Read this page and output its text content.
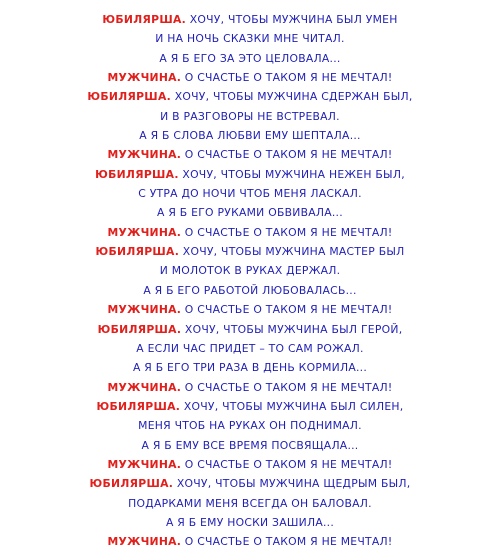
ЮБИЛЯРША. ХОЧУ, ЧТОБЫ МУЖЧИНА БЫЛ УМЕН
И НА НОЧЬ СКАЗКИ МНЕ ЧИТАЛ.
А Я Б ЕГО ЗА ЭТО ЦЕЛОВАЛА...
МУЖЧИНА. О СЧАСТЬЕ О ТАКОМ Я НЕ МЕЧТАЛ!
ЮБИЛЯРША. ХОЧУ, ЧТОБЫ МУЖЧИНА СДЕРЖАН БЫЛ,
И В РАЗГОВОРЫ НЕ ВСТРЕВАЛ.
А Я Б СЛОВА ЛЮБВИ ЕМУ ШЕПТАЛА...
МУЖЧИНА. О СЧАСТЬЕ О ТАКОМ Я НЕ МЕЧТАЛ!
ЮБИЛЯРША. ХОЧУ, ЧТОБЫ МУЖЧИНА НЕЖЕН БЫЛ,
С УТРА ДО НОЧИ ЧТОБ МЕНЯ ЛАСКАЛ.
А Я Б ЕГО РУКАМИ ОБВИВАЛА...
МУЖЧИНА. О СЧАСТЬЕ О ТАКОМ Я НЕ МЕЧТАЛ!
ЮБИЛЯРША. ХОЧУ, ЧТОБЫ МУЖЧИНА МАСТЕР БЫЛ
И МОЛОТОК В РУКАХ ДЕРЖАЛ.
А Я Б ЕГО РАБОТОЙ ЛЮБОВАЛАСЬ...
МУЖЧИНА. О СЧАСТЬЕ О ТАКОМ Я НЕ МЕЧТАЛ!
ЮБИЛЯРША. ХОЧУ, ЧТОБЫ МУЖЧИНА БЫЛ ГЕРОЙ,
А ЕСЛИ ЧАС ПРИДЕТ – ТО САМ РОЖАЛ.
А Я Б ЕГО ТРИ РАЗА В ДЕНЬ КОРМИЛА...
МУЖЧИНА. О СЧАСТЬЕ О ТАКОМ Я НЕ МЕЧТАЛ!
ЮБИЛЯРША. ХОЧУ, ЧТОБЫ МУЖЧИНА БЫЛ СИЛЕН,
МЕНЯ ЧТОБ НА РУКАХ ОН ПОДНИМАЛ.
А Я Б ЕМУ ВСЕ ВРЕМЯ ПОСВЯЩАЛА...
МУЖЧИНА. О СЧАСТЬЕ О ТАКОМ Я НЕ МЕЧТАЛ!
ЮБИЛЯРША. ХОЧУ, ЧТОБЫ МУЖЧИНА ЩЕДРЫМ БЫЛ,
ПОДАРКАМИ МЕНЯ ВСЕГДА ОН БАЛОВАЛ.
А Я Б ЕМУ НОСКИ ЗАШИЛА...
МУЖЧИНА. О СЧАСТЬЕ О ТАКОМ Я НЕ МЕЧТАЛ!
